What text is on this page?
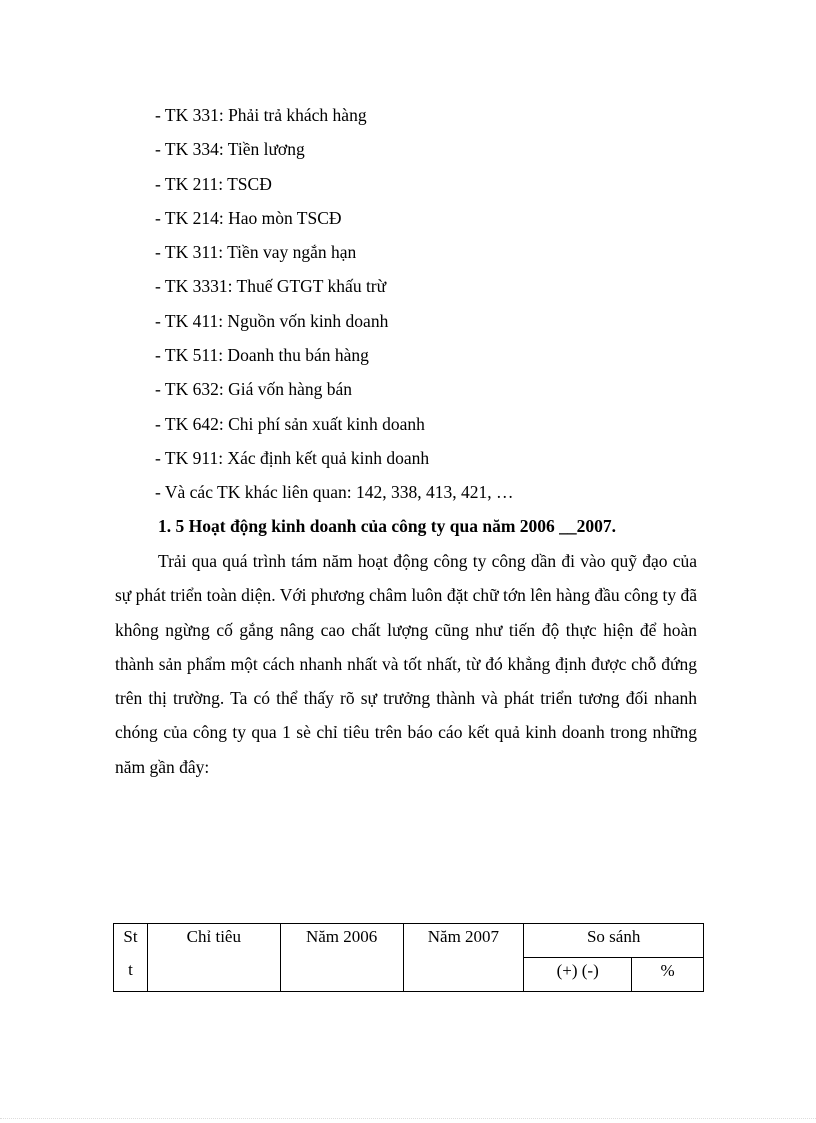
- TK 331: Phải trả khách hàng
- TK 334: Tiền lương
- TK 211: TSCĐ
- TK 214: Hao mòn TSCĐ
- TK 311: Tiền vay ngắn hạn
- TK 3331: Thuế GTGT khấu trừ
- TK 411: Nguồn vốn kinh doanh
- TK 511: Doanh thu bán hàng
- TK 632: Giá vốn hàng bán
- TK 642: Chi phí sản xuất kinh doanh
- TK 911: Xác định kết quả kinh doanh
- Và các TK khác liên quan: 142, 338, 413, 421, …
1. 5 Hoạt động kinh doanh của công ty qua năm 2006 __2007.

Trải qua quá trình tám năm hoạt động công ty công dần đi vào quỹ đạo của sự phát triển toàn diện. Với phương châm luôn đặt chữ tớn lên hàng đầu công ty đã không ngừng cố gắng nâng cao chất lượng cũng như tiến độ thực hiện để hoàn thành sản phẩm một cách nhanh nhất và tốt nhất, từ đó khẳng định được chỗ đứng trên thị trường. Ta có thể thấy rõ sự trưởng thành và phát triển tương đối nhanh chóng của công ty qua 1 sè chỉ tiêu trên báo cáo kết quả kinh doanh trong những năm gần đây:

St
t	Chỉ tiêu	Năm 2006	Năm 2007	So sánh	
				(+) (-)	%
